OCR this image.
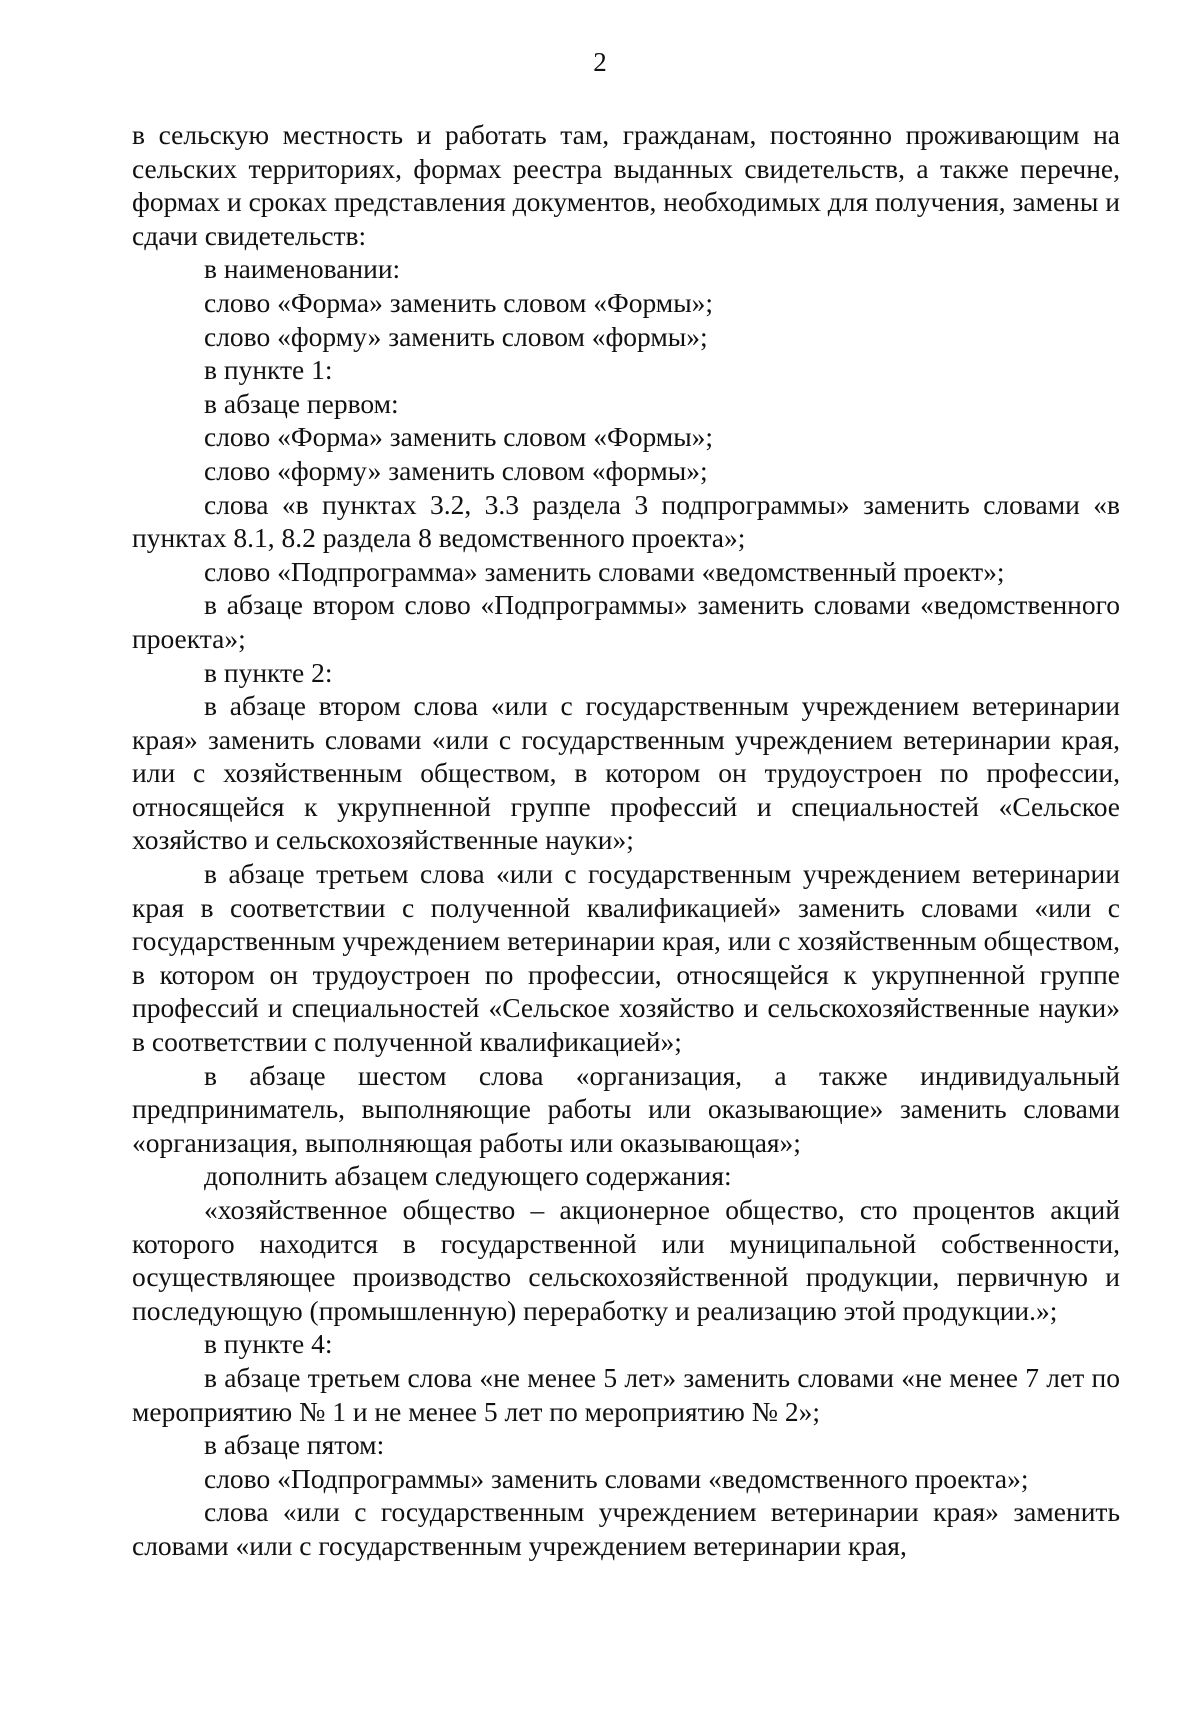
2

в сельскую местность и работать там, гражданам, постоянно проживающим на сельских территориях, формах реестра выданных свидетельств, а также перечне, формах и сроках представления документов, необходимых для получения, замены и сдачи свидетельств:

в наименовании:

слово «Форма» заменить словом «Формы»;

слово «форму» заменить словом «формы»;

в пункте 1:

в абзаце первом:

слово «Форма» заменить словом «Формы»;

слово «форму» заменить словом «формы»;

слова «в пунктах 3.2, 3.3 раздела 3 подпрограммы» заменить словами «в пунктах 8.1, 8.2 раздела 8 ведомственного проекта»;

слово «Подпрограмма» заменить словами «ведомственный проект»;

в абзаце втором слово «Подпрограммы» заменить словами «ведомственного проекта»;

в пункте 2:

в абзаце втором слова «или с государственным учреждением ветеринарии края» заменить словами «или с государственным учреждением ветеринарии края, или с хозяйственным обществом, в котором он трудоустроен по профессии, относящейся к укрупненной группе профессий и специальностей «Сельское хозяйство и сельскохозяйственные науки»;

в абзаце третьем слова «или с государственным учреждением ветеринарии края в соответствии с полученной квалификацией» заменить словами «или с государственным учреждением ветеринарии края, или с хозяйственным обществом, в котором он трудоустроен по профессии, относящейся к укрупненной группе профессий и специальностей «Сельское хозяйство и сельскохозяйственные науки» в соответствии с полученной квалификацией»;

в абзаце шестом слова «организация, а также индивидуальный предприниматель, выполняющие работы или оказывающие» заменить словами «организация, выполняющая работы или оказывающая»;

дополнить абзацем следующего содержания:

«хозяйственное общество – акционерное общество, сто процентов акций которого находится в государственной или муниципальной собственности, осуществляющее производство сельскохозяйственной продукции, первичную и последующую (промышленную) переработку и реализацию этой продукции.»;

в пункте 4:

в абзаце третьем слова «не менее 5 лет» заменить словами «не менее 7 лет по мероприятию № 1 и не менее 5 лет по мероприятию № 2»;

в абзаце пятом:

слово «Подпрограммы» заменить словами «ведомственного проекта»;

слова «или с государственным учреждением ветеринарии края» заменить словами «или с государственным учреждением ветеринарии края,
